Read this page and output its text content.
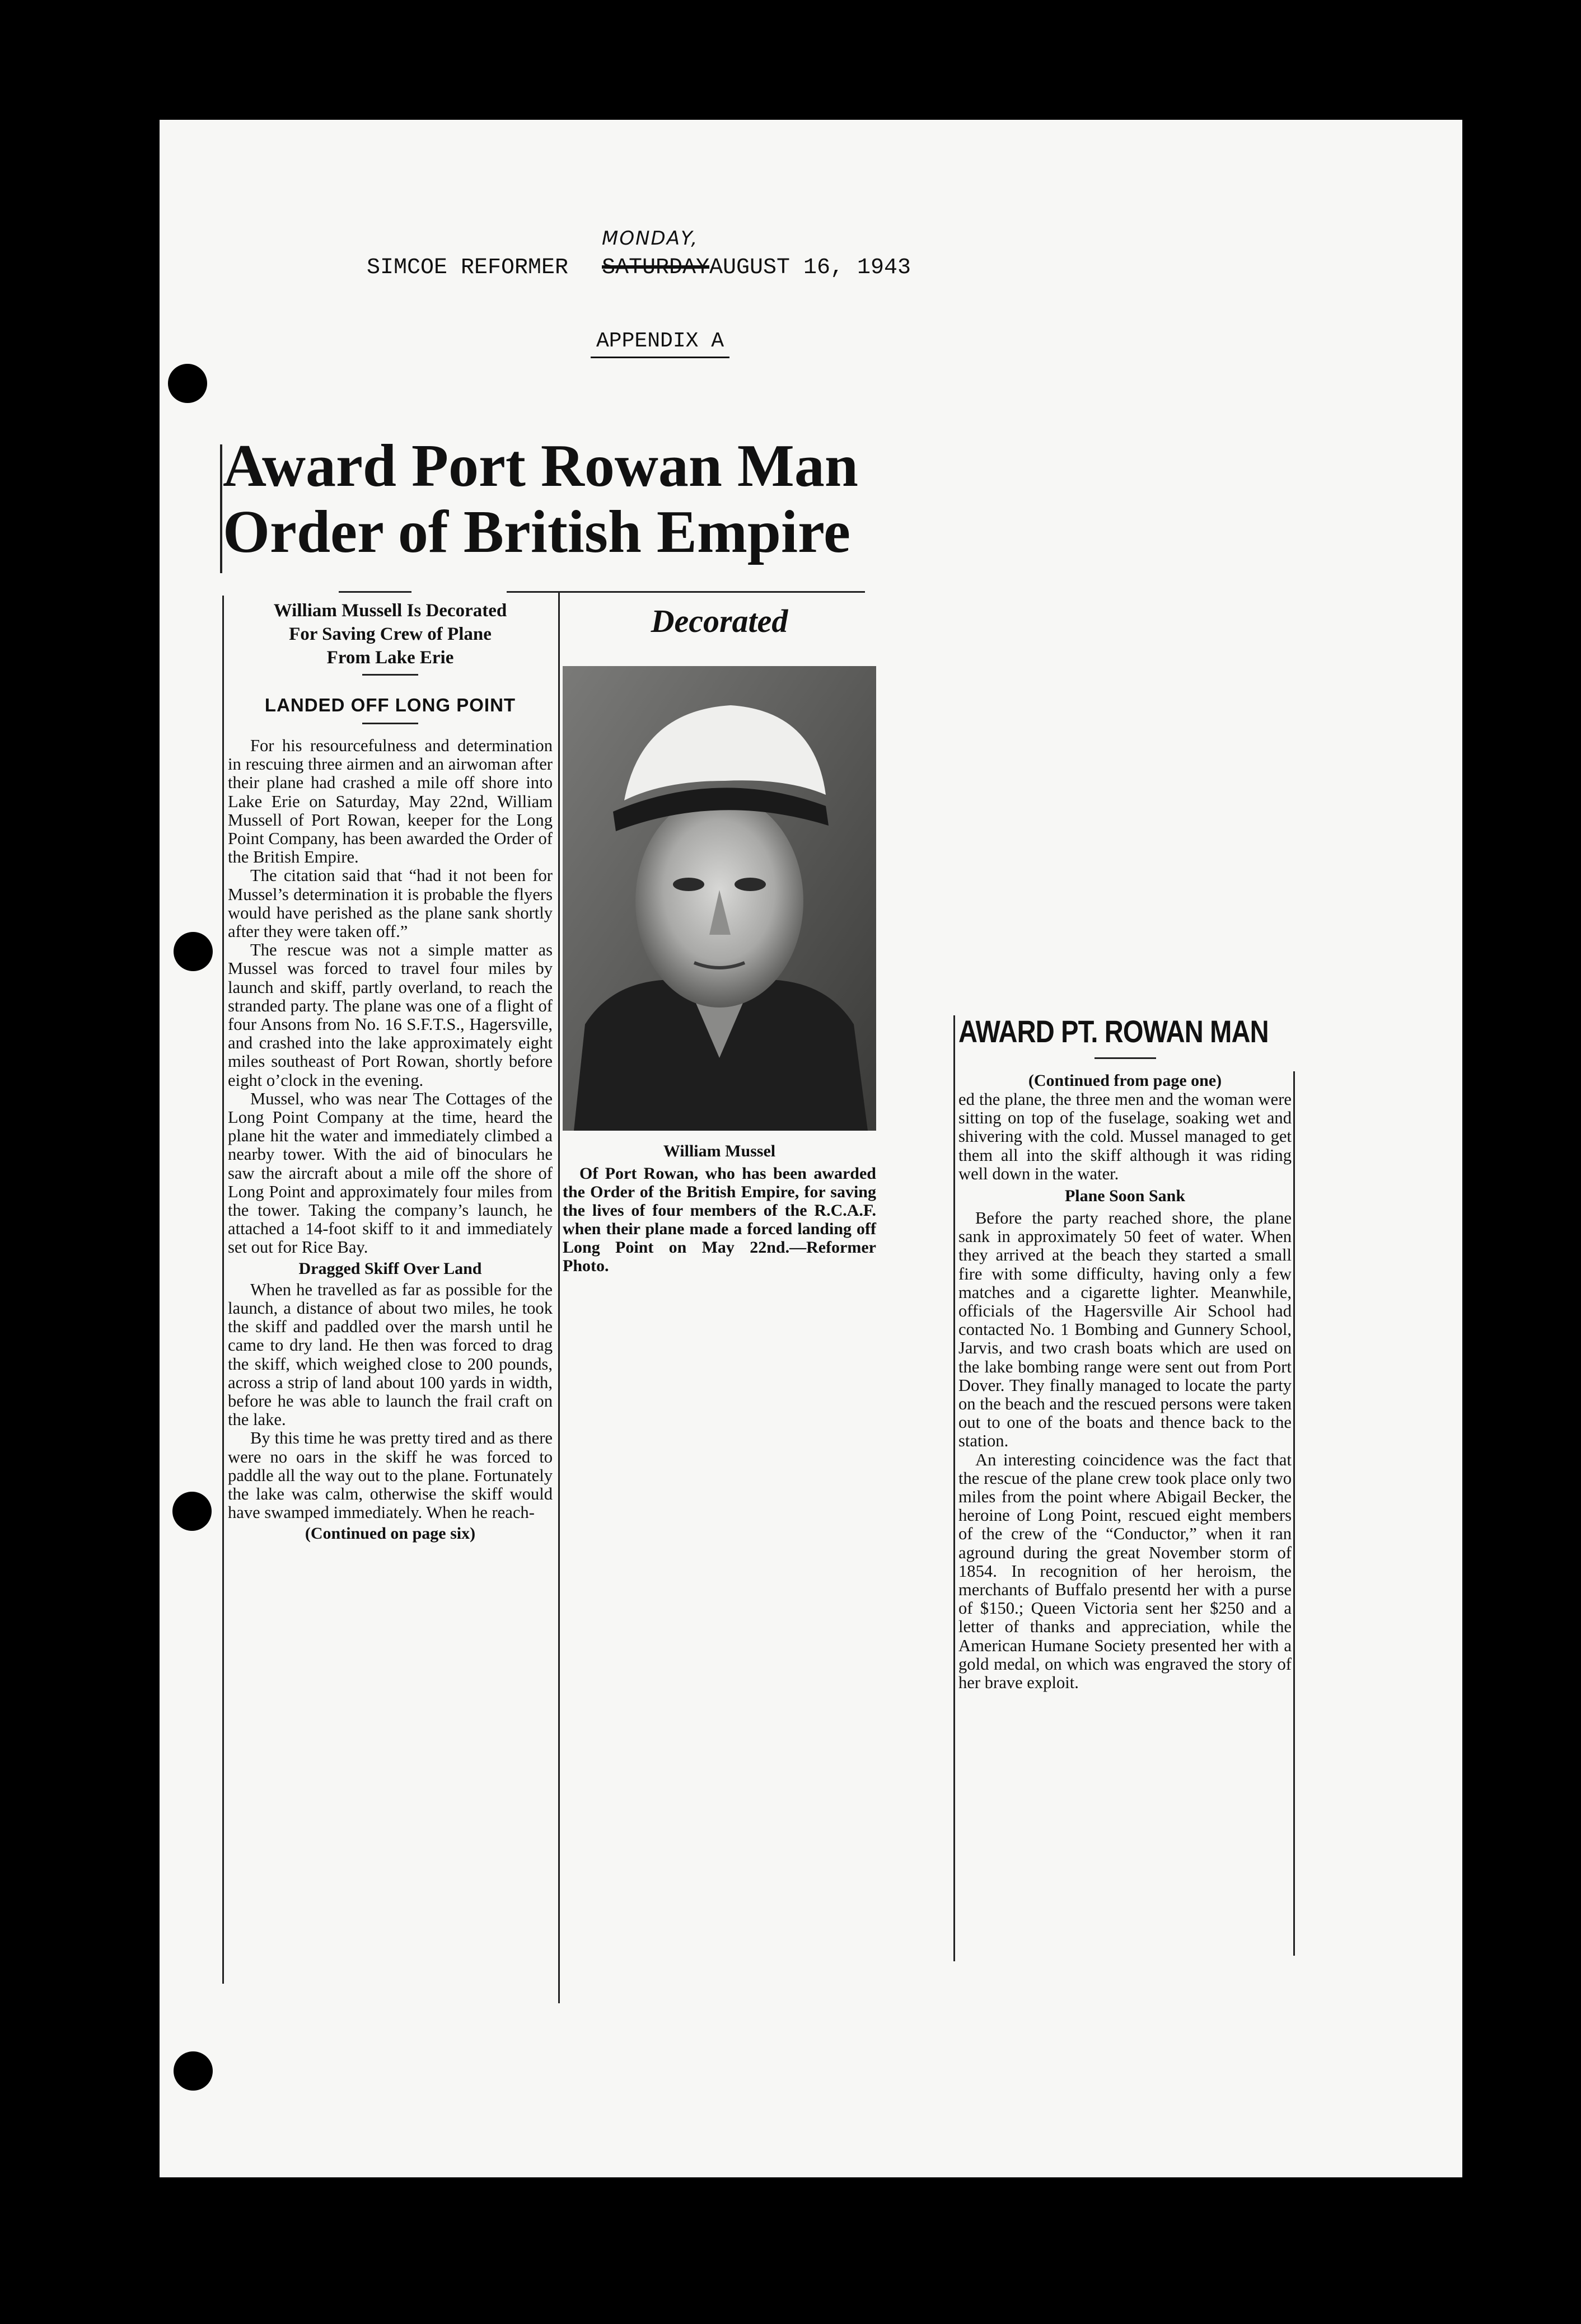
SIMCOE REFORMER
MONDAY,
SATURDAY AUGUST 16, 1943
APPENDIX A
Award Port Rowan Man
Order of British Empire

William Mussell Is Decorated
For Saving Crew of Plane
From Lake Erie

LANDED OFF LONG POINT

For his resourcefulness and determination in rescuing three airmen and an airwoman after their plane had crashed a mile off shore into Lake Erie on Saturday, May 22nd, William Mussell of Port Rowan, keeper for the Long Point Company, has been awarded the Order of the British Empire.

The citation said that “had it not been for Mussel’s determination it is probable the flyers would have perished as the plane sank shortly after they were taken off.”

The rescue was not a simple matter as Mussel was forced to travel four miles by launch and skiff, partly overland, to reach the stranded party. The plane was one of a flight of four Ansons from No. 16 S.F.T.S., Hagersville, and crashed into the lake approximately eight miles southeast of Port Rowan, shortly before eight o’clock in the evening.

Mussel, who was near The Cottages of the Long Point Company at the time, heard the plane hit the water and immediately climbed a nearby tower. With the aid of binoculars he saw the aircraft about a mile off the shore of Long Point and approximately four miles from the tower. Taking the company’s launch, he attached a 14-foot skiff to it and immediately set out for Rice Bay.

Dragged Skiff Over Land

When he travelled as far as possible for the launch, a distance of about two miles, he took the skiff and paddled over the marsh until he came to dry land. He then was forced to drag the skiff, which weighed close to 200 pounds, across a strip of land about 100 yards in width, before he was able to launch the frail craft on the lake.

By this time he was pretty tired and as there were no oars in the skiff he was forced to paddle all the way out to the plane. Fortunately the lake was calm, otherwise the skiff would have swamped immediately. When he reach-

(Continued on page six)

Decorated

William Mussel

Of Port Rowan, who has been awarded the Order of the British Empire, for saving the lives of four members of the R.C.A.F. when their plane made a forced landing off Long Point on May 22nd.—Reformer Photo.

AWARD PT. ROWAN MAN

(Continued from page one)

ed the plane, the three men and the woman were sitting on top of the fuselage, soaking wet and shivering with the cold. Mussel managed to get them all into the skiff although it was riding well down in the water.

Plane Soon Sank

Before the party reached shore, the plane sank in approximately 50 feet of water. When they arrived at the beach they started a small fire with some difficulty, having only a few matches and a cigarette lighter. Meanwhile, officials of the Hagersville Air School had contacted No. 1 Bombing and Gunnery School, Jarvis, and two crash boats which are used on the lake bombing range were sent out from Port Dover. They finally managed to locate the party on the beach and the rescued persons were taken out to one of the boats and thence back to the station.

An interesting coincidence was the fact that the rescue of the plane crew took place only two miles from the point where Abigail Becker, the heroine of Long Point, rescued eight members of the crew of the “Conductor,” when it ran aground during the great November storm of 1854. In recognition of her heroism, the merchants of Buffalo presentd her with a purse of $150.; Queen Victoria sent her $250 and a letter of thanks and appreciation, while the American Humane Society presented her with a gold medal, on which was engraved the story of her brave exploit.
